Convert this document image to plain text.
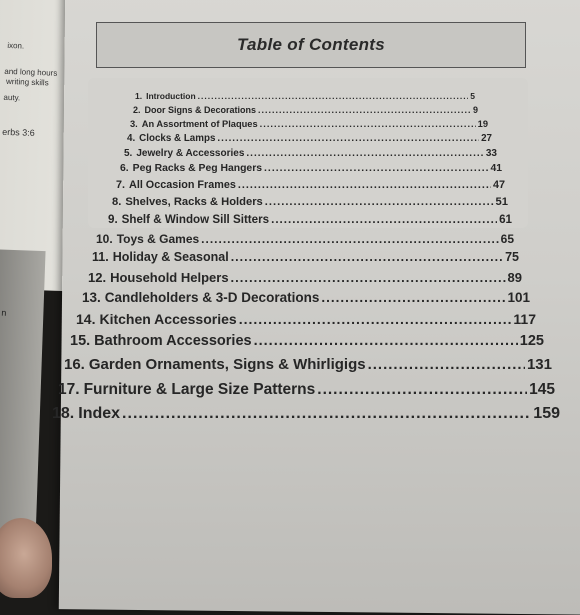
ixon.
and long hours
writing skills
auty.
erbs 3:6
n
Table of Contents
1. Introduction .....	5
2. Door Signs & Decorations .....	9
3. An Assortment of Plaques .....	19
4. Clocks & Lamps .....	27
5. Jewelry & Accessories .....	33
6. Peg Racks & Peg Hangers .....	41
7. All Occasion Frames .....	47
8. Shelves, Racks & Holders .....	51
9. Shelf & Window Sill Sitters .....	61
10. Toys & Games .....	65
11. Holiday & Seasonal .....	75
12. Household Helpers .....	89
13. Candleholders & 3-D Decorations .....	101
14. Kitchen Accessories .....	117
15. Bathroom Accessories .....	125
16. Garden Ornaments, Signs & Whirligigs .....	131
17. Furniture & Large Size Patterns .....	145
18. Index .....	159
